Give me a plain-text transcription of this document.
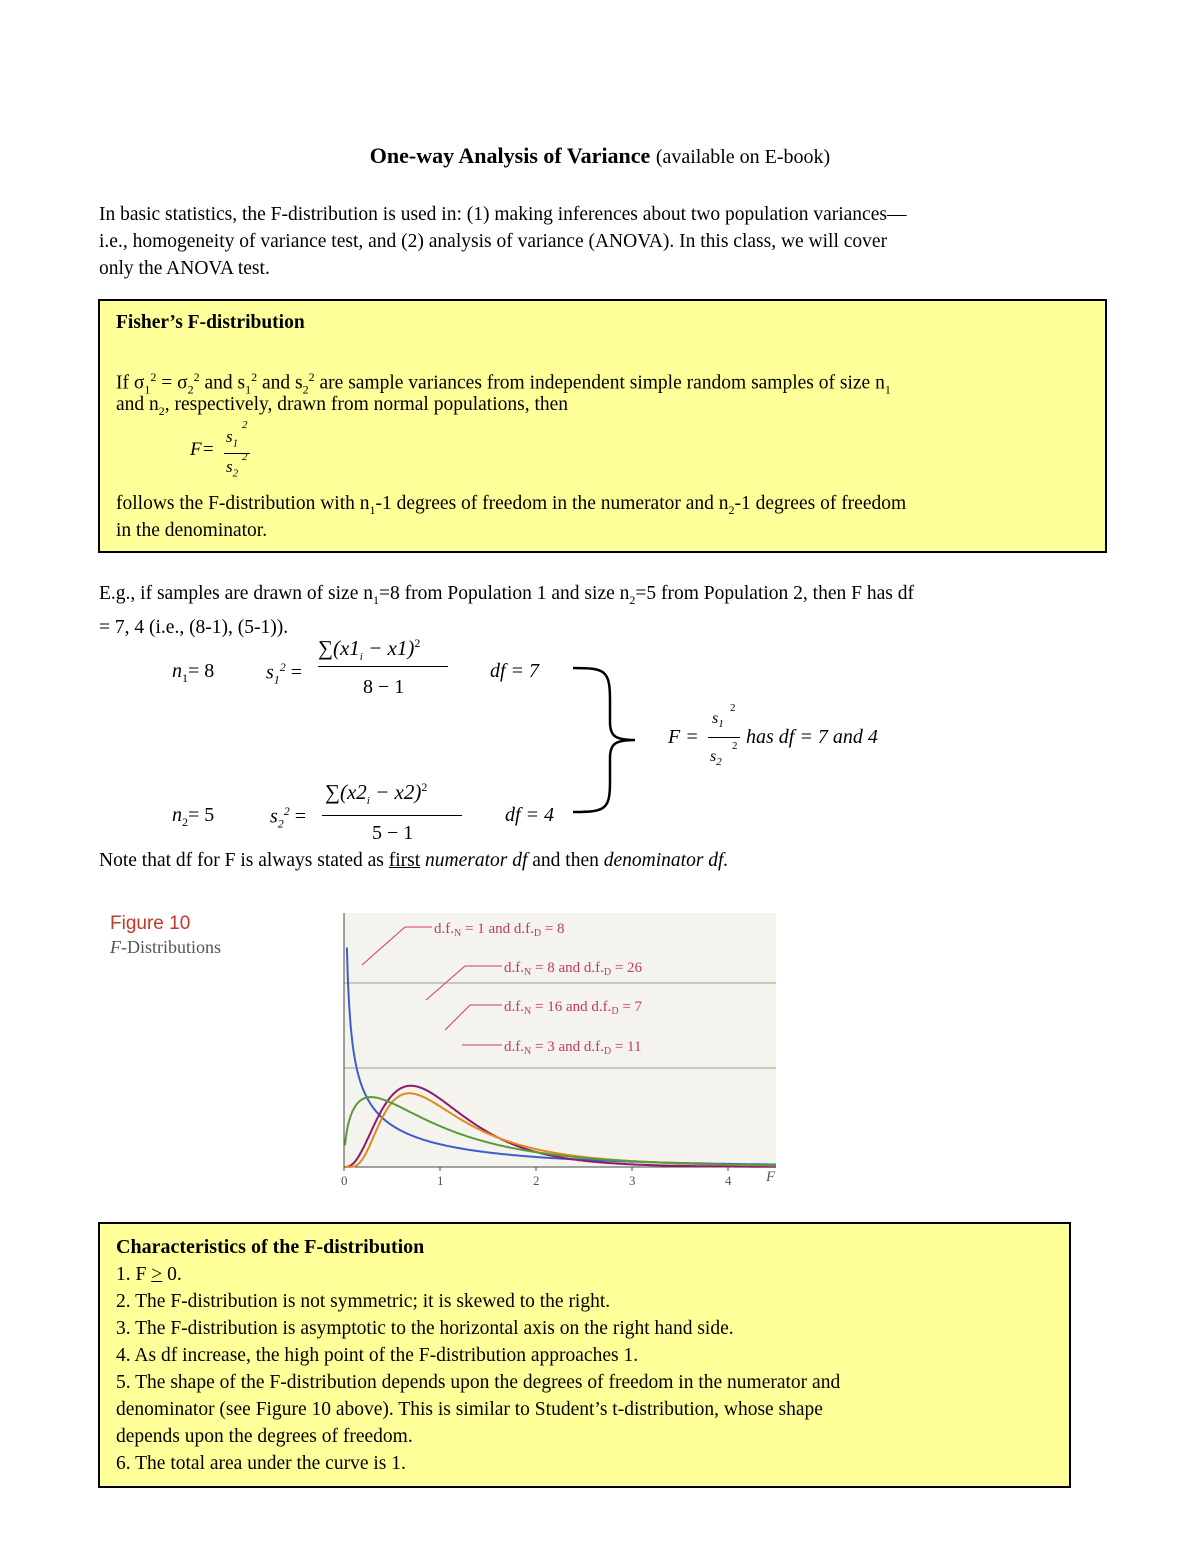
One-way Analysis of Variance (available on E-book)
In basic statistics, the F-distribution is used in: (1) making inferences about two population variances—
i.e., homogeneity of variance test, and (2) analysis of variance (ANOVA). In this class, we will cover
only the ANOVA test.
Fisher’s F-distribution
If $\sigma_1^2 = \sigma_2^2$ and $s_1^2$ and $s_2^2$ are sample variances from independent simple random samples of size $n_1$
and $n_2$, respectively, drawn from normal populations, then
F=
$s_1$
2
$s_2$
2
follows the F-distribution with $n_1-1$ degrees of freedom in the numerator and $n_2-1$ degrees of freedom
in the denominator.
E.g., if samples are drawn of size $n_1=8$ from Population 1 and size $n_2=5$ from Population 2, then F has df
= 7, 4 (i.e., (8-1), (5-1)).
$n_1= 8$	$s_1^2$ =
$\sum(x1_i - x1)^2$
8 − 1
df = 7
$n_2= 5$	$s_2^2$ =
$\sum(x2_i - x2)^2$
5 − 1
df = 4
F =
$s_1$
2
$s_2$
2 has df = 7 and 4
Note that df for F is always stated as first numerator df and then denominator df.
Figure 10
F-Distributions
0	1	2	3	4
$d.f._N = 1$ and $d.f._D = 8$
$d.f._N = 8$ and $d.f._D = 26$
$d.f._N = 16$ and $d.f._D = 7$
$d.f._N = 3$ and $d.f._D = 11$
F
Characteristics of the F-distribution
1. F ≥ 0.
2. The F-distribution is not symmetric; it is skewed to the right.
3. The F-distribution is asymptotic to the horizontal axis on the right hand side.
4. As df increase, the high point of the F-distribution approaches 1.
5. The shape of the F-distribution depends upon the degrees of freedom in the numerator and
denominator (see Figure 10 above). This is similar to Student’s t-distribution, whose shape
depends upon the degrees of freedom.
6. The total area under the curve is 1.
